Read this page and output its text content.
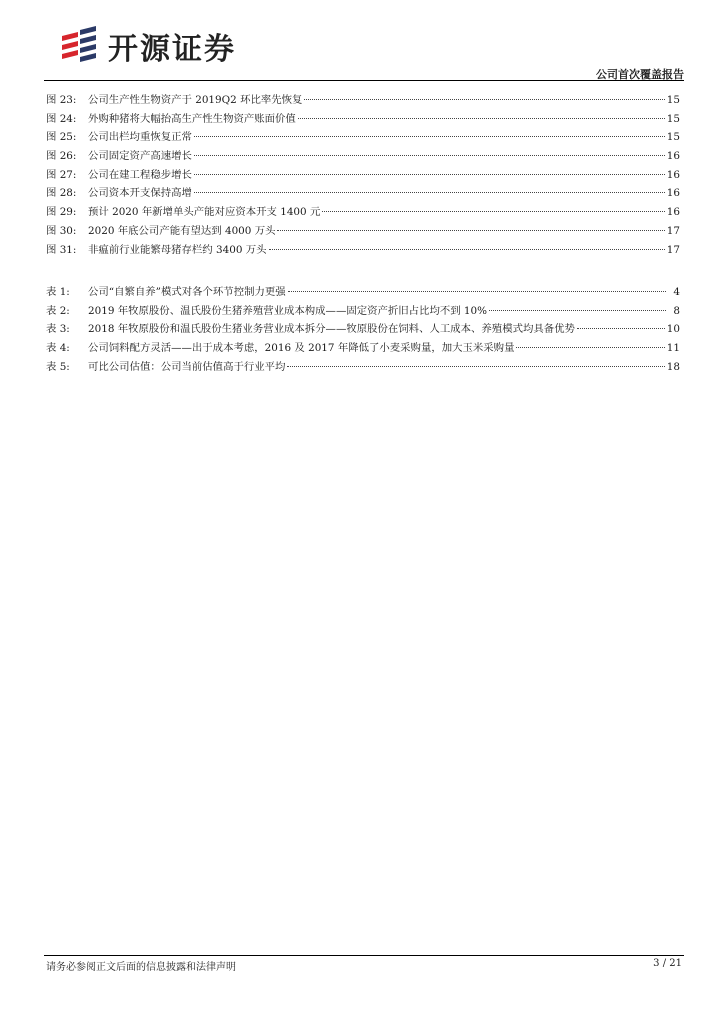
开源证券
公司首次覆盖报告
图 23:	公司生产性生物资产于 2019Q2 环比率先恢复	15
图 24:	外购种猪将大幅抬高生产性生物资产账面价值	15
图 25:	公司出栏均重恢复正常	15
图 26:	公司固定资产高速增长	16
图 27:	公司在建工程稳步增长	16
图 28:	公司资本开支保持高增	16
图 29:	预计 2020 年新增单头产能对应资本开支 1400 元	16
图 30:	2020 年底公司产能有望达到 4000 万头	17
图 31:	非瘟前行业能繁母猪存栏约 3400 万头	17
表 1:	公司“自繁自养”模式对各个环节控制力更强	4
表 2:	2019 年牧原股份、温氏股份生猪养殖营业成本构成——固定资产折旧占比均不到 10%	8
表 3:	2018 年牧原股份和温氏股份生猪业务营业成本拆分——牧原股份在饲料、人工成本、养殖模式均具备优势	10
表 4:	公司饲料配方灵活——出于成本考虑，2016 及 2017 年降低了小麦采购量，加大玉米采购量	11
表 5:	可比公司估值：公司当前估值高于行业平均	18
请务必参阅正文后面的信息披露和法律声明	3 / 21
